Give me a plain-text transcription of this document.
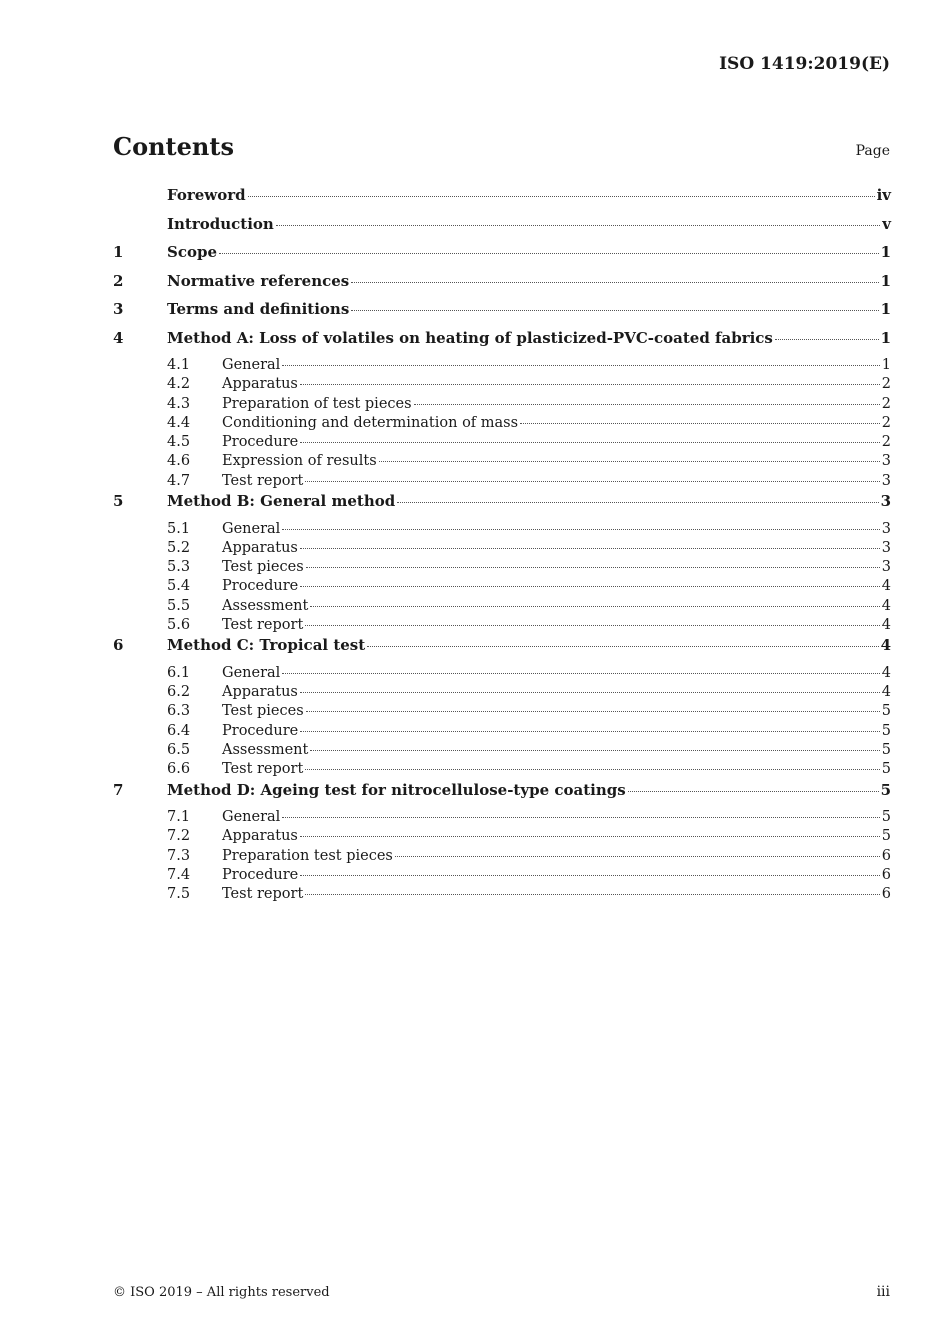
ISO 1419:2019(E)
Contents	Page
Foreword	iv
Introduction	v
1	Scope	1
2	Normative references	1
3	Terms and definitions	1
4	Method A: Loss of volatiles on heating of plasticized-PVC-coated fabrics	1
4.1	General	1
4.2	Apparatus	2
4.3	Preparation of test pieces	2
4.4	Conditioning and determination of mass	2
4.5	Procedure	2
4.6	Expression of results	3
4.7	Test report	3
5	Method B: General method	3
5.1	General	3
5.2	Apparatus	3
5.3	Test pieces	3
5.4	Procedure	4
5.5	Assessment	4
5.6	Test report	4
6	Method C: Tropical test	4
6.1	General	4
6.2	Apparatus	4
6.3	Test pieces	5
6.4	Procedure	5
6.5	Assessment	5
6.6	Test report	5
7	Method D: Ageing test for nitrocellulose-type coatings	5
7.1	General	5
7.2	Apparatus	5
7.3	Preparation test pieces	6
7.4	Procedure	6
7.5	Test report	6
© ISO 2019 – All rights reserved	iii
